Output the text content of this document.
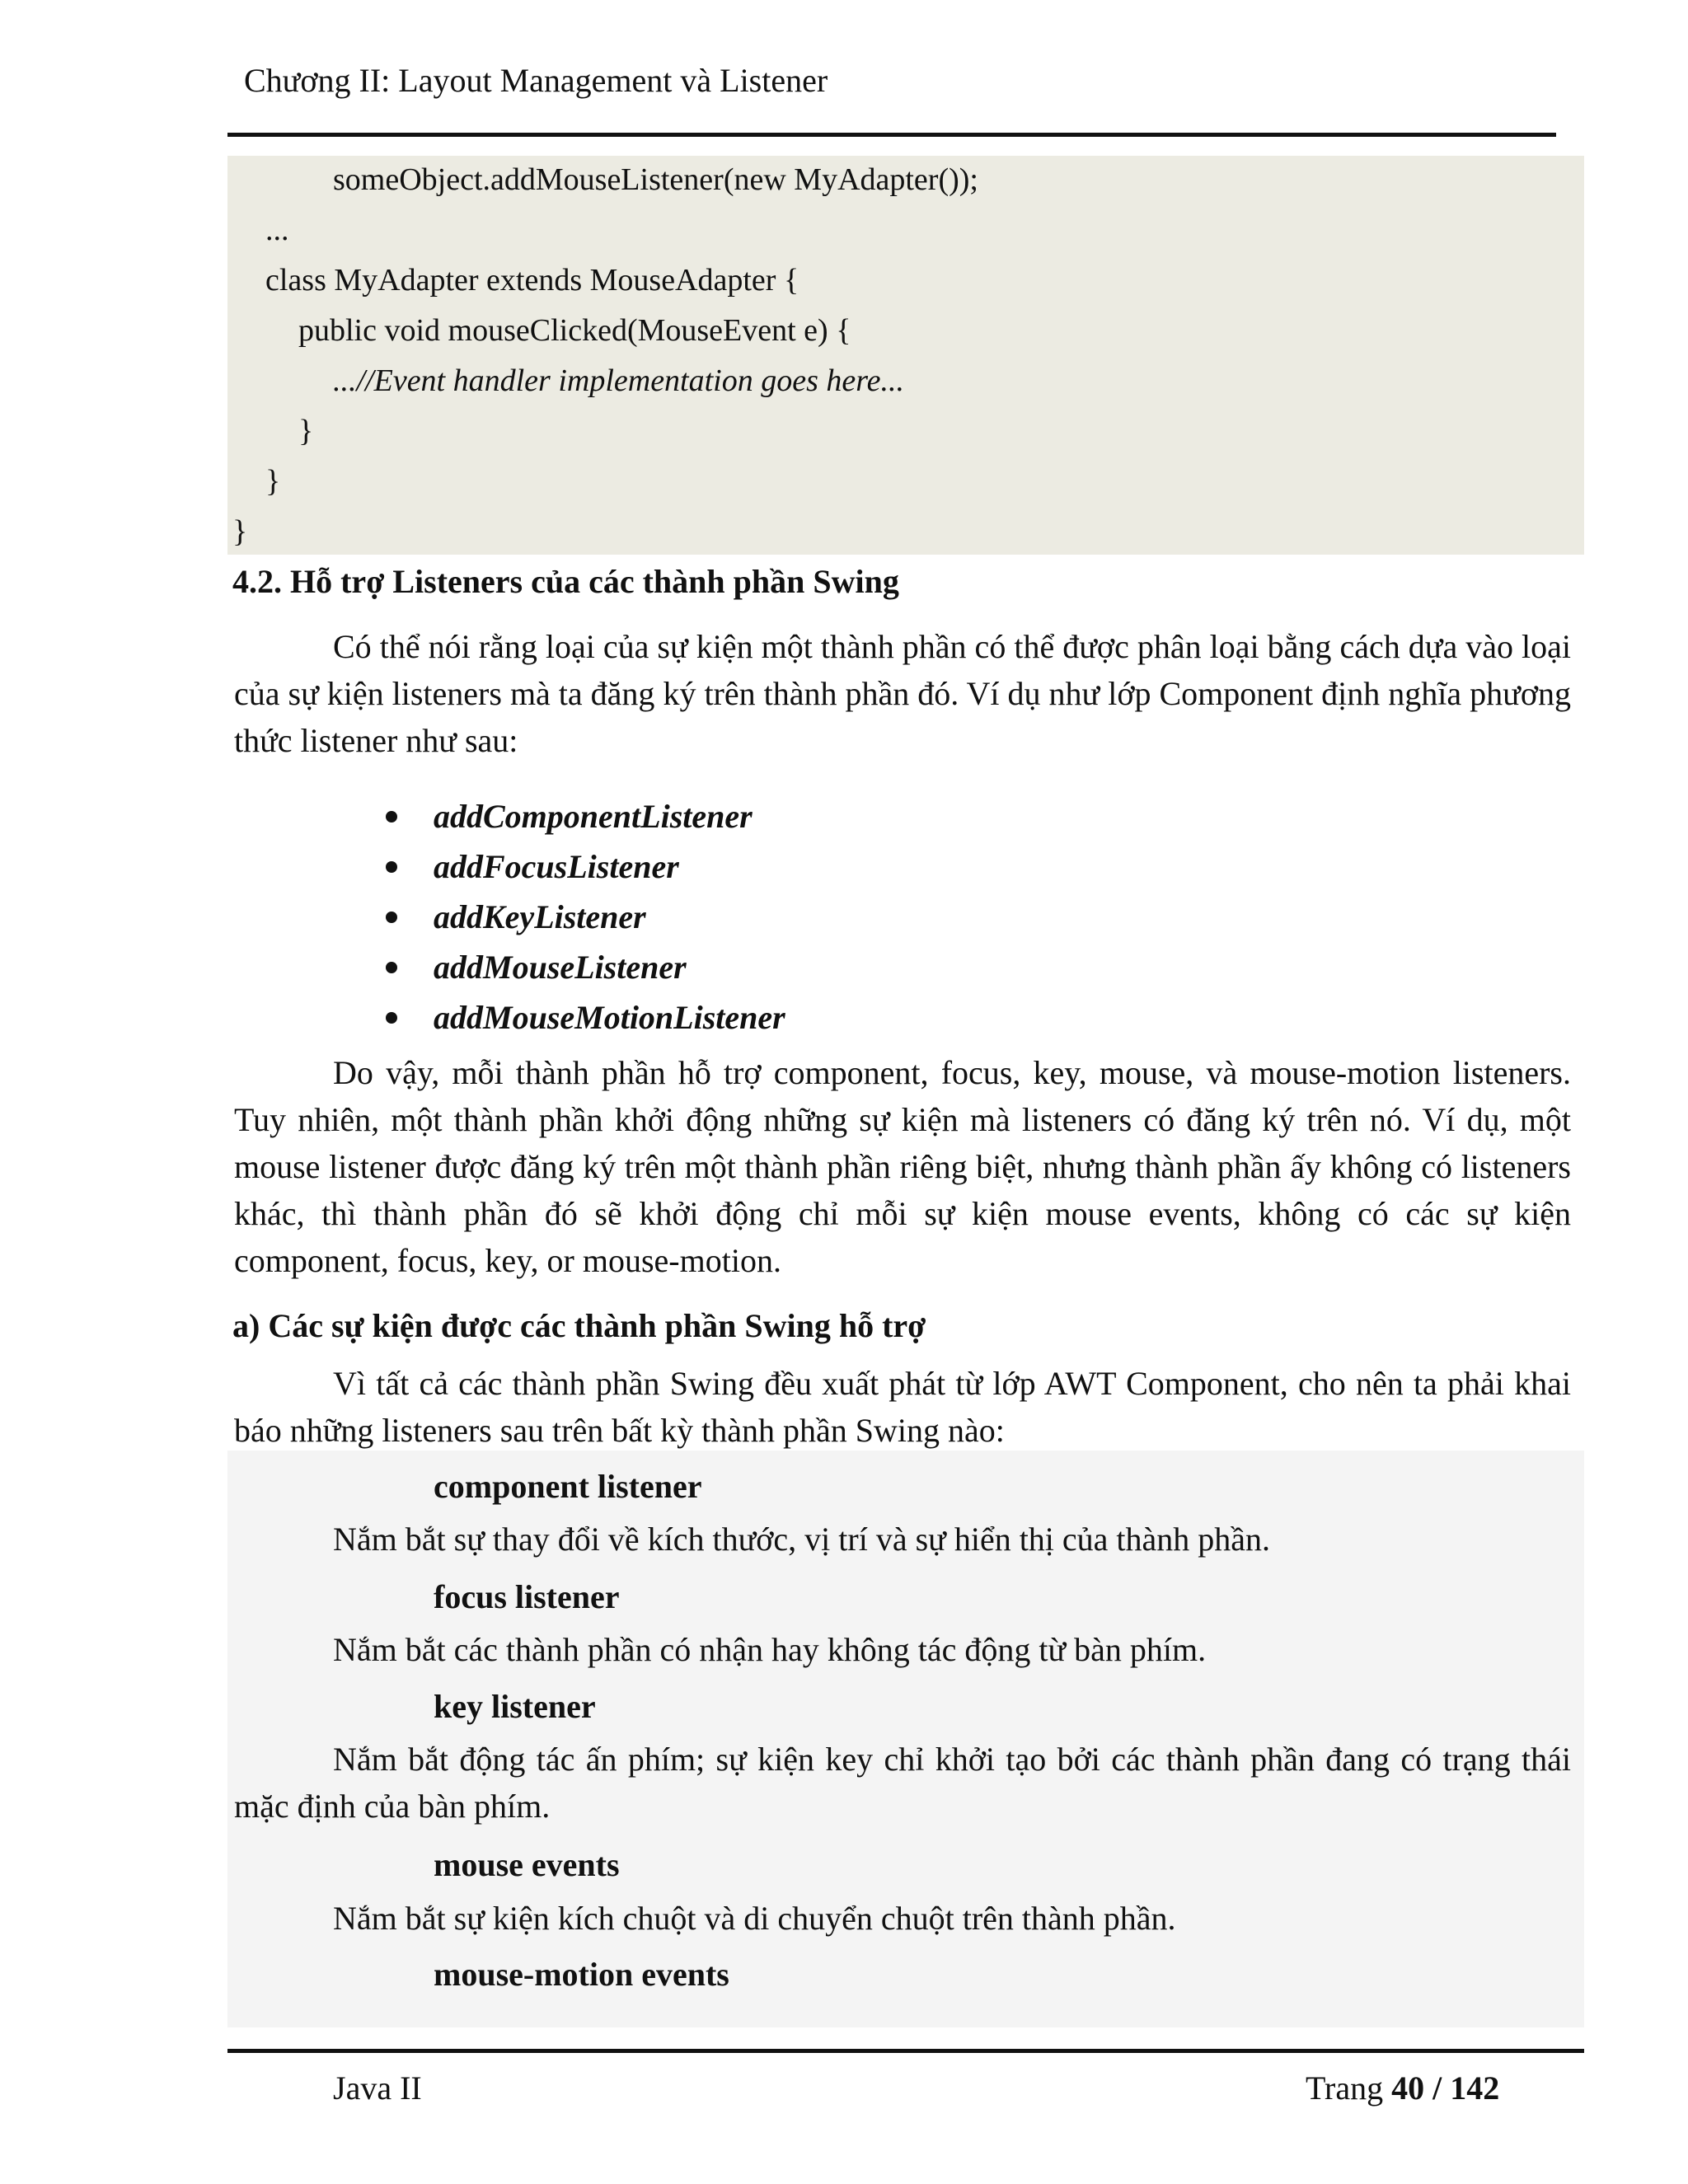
Chương II: Layout Management và Listener
someObject.addMouseListener(new MyAdapter());
...
class MyAdapter extends MouseAdapter {
public void mouseClicked(MouseEvent e) {
...//Event handler implementation goes here...
}
}
}
4.2. Hỗ trợ Listeners của các thành phần Swing
Có thể nói rằng loại của sự kiện một thành phần có thể được phân loại bằng cách dựa vào loại của sự kiện listeners mà ta đăng ký trên thành phần đó. Ví dụ như lớp Component định nghĩa phương thức listener như sau:
addComponentListener
addFocusListener
addKeyListener
addMouseListener
addMouseMotionListener
Do vậy, mỗi thành phần hỗ trợ component, focus, key, mouse, và mouse-motion listeners. Tuy nhiên, một thành phần khởi động những sự kiện mà listeners có đăng ký trên nó. Ví dụ, một mouse listener được đăng ký trên một thành phần riêng biệt, nhưng thành phần ấy không có listeners khác, thì thành phần đó sẽ khởi động chỉ mỗi sự kiện mouse events, không có các sự kiện component, focus, key, or mouse-motion.
a) Các sự kiện được các thành phần Swing hỗ trợ
Vì tất cả các thành phần Swing đều xuất phát từ lớp AWT Component, cho nên ta phải khai báo những listeners sau trên bất kỳ thành phần Swing nào:
component listener
Nắm bắt sự thay đổi về kích thước, vị trí và sự hiển thị của thành phần.
focus listener
Nắm bắt các thành phần có nhận hay không tác động từ bàn phím.
key listener
Nắm bắt động tác ấn phím; sự kiện key chỉ khởi tạo bởi các thành phần đang có trạng thái mặc định của bàn phím.
mouse events
Nắm bắt sự kiện kích chuột và di chuyển chuột trên thành phần.
mouse-motion events
Java II	Trang 40 / 142
